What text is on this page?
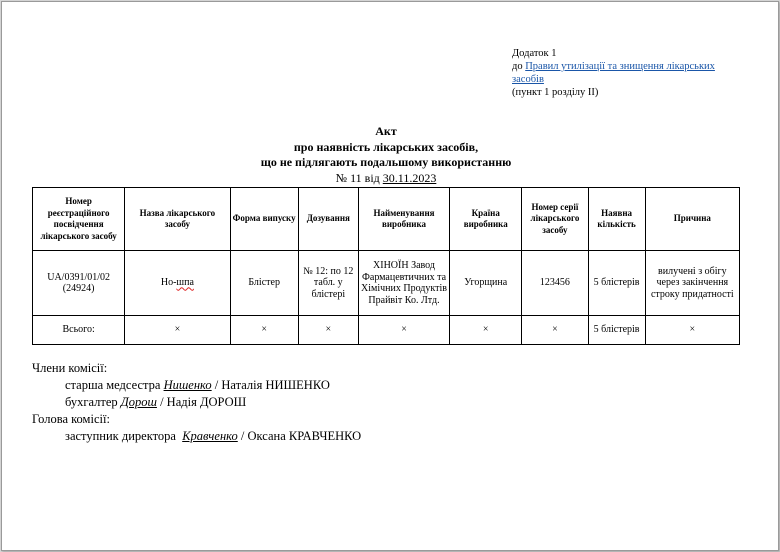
Додаток 1
до Правил утилізації та знищення лікарських засобів
(пункт 1 розділу ІІ)
Акт
про наявність лікарських засобів,
що не підлягають подальшому використанню
№ 11 від 30.11.2023
Номер реєстраційного посвідчення лікарського засобу	Назва лікарського засобу	Форма випуску	Дозування	Найменування виробника	Країна виробника	Номер серії лікарського засобу	Наявна кількість	Причина
UA/0391/01/02 (24924)	Но-шпа	Блістер	№ 12: по 12 табл. у блістері	ХІНОЇН Завод Фармацевтичних та Хімічних Продуктів Прайвіт Ко. Лтд.	Угорщина	123456	5 блістерів	вилучені з обігу через закінчення строку придатності
Всього:	×	×	×	×	×	×	5 блістерів	×
Члени комісії:
старша медсестра Нишенко / Наталія НИШЕНКО
бухгалтер Дорош / Надія ДОРОШ
Голова комісії:
заступник директора  Кравченко / Оксана КРАВЧЕНКО
